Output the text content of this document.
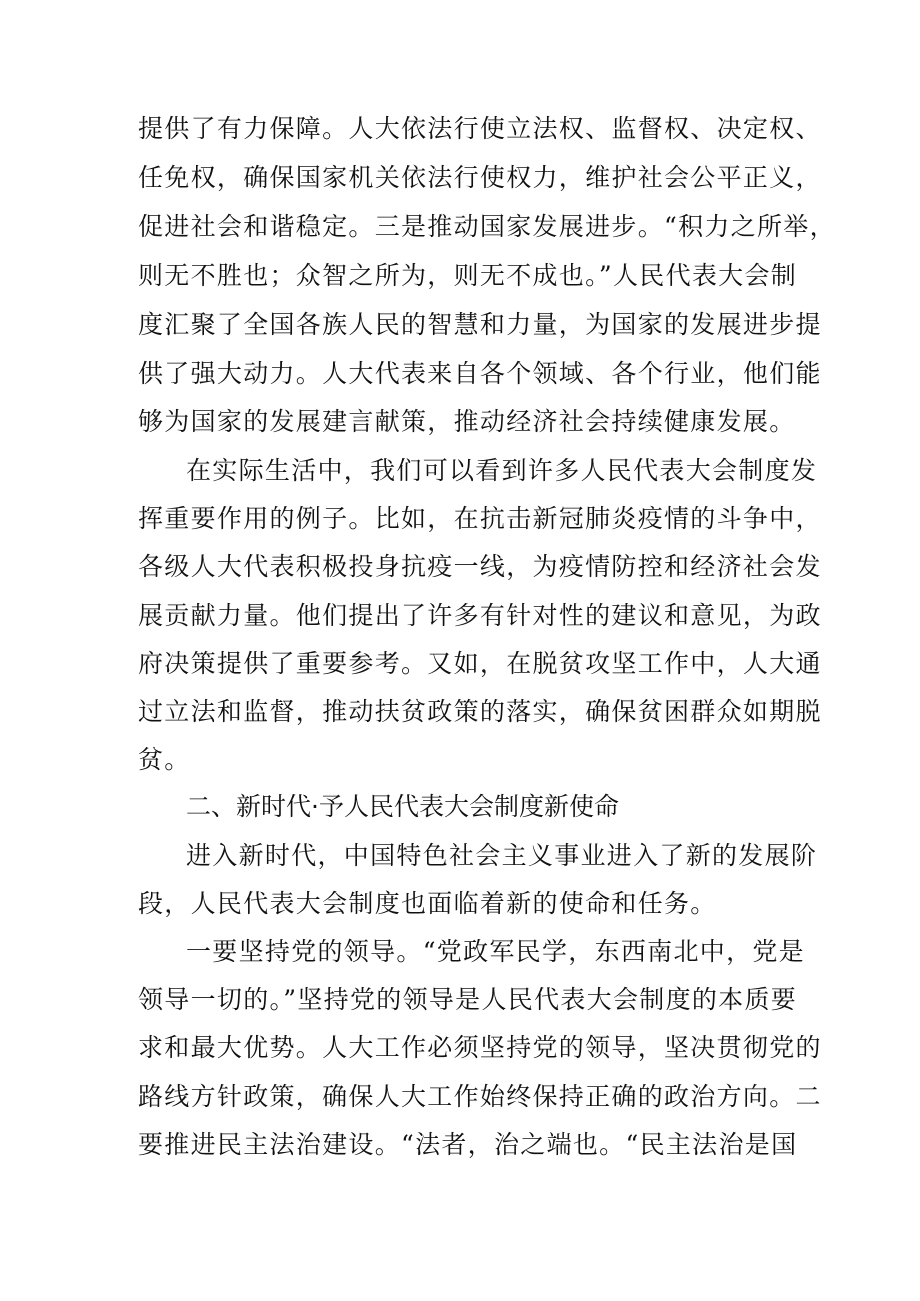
提供了有力保障。人大依法行使立法权、监督权、决定权、
任免权，确保国家机关依法行使权力，维护社会公平正义，
促进社会和谐稳定。三是推动国家发展进步。“积力之所举，
则无不胜也；众智之所为，则无不成也。”人民代表大会制
度汇聚了全国各族人民的智慧和力量，为国家的发展进步提
供了强大动力。人大代表来自各个领域、各个行业，他们能
够为国家的发展建言献策，推动经济社会持续健康发展。
在实际生活中，我们可以看到许多人民代表大会制度发
挥重要作用的例子。比如，在抗击新冠肺炎疫情的斗争中，
各级人大代表积极投身抗疫一线，为疫情防控和经济社会发
展贡献力量。他们提出了许多有针对性的建议和意见，为政
府决策提供了重要参考。又如，在脱贫攻坚工作中，人大通
过立法和监督，推动扶贫政策的落实，确保贫困群众如期脱
贫。
二、新时代·予人民代表大会制度新使命
进入新时代，中国特色社会主义事业进入了新的发展阶
段，人民代表大会制度也面临着新的使命和任务。
一要坚持党的领导。“党政军民学，东西南北中，党是
领导一切的。”坚持党的领导是人民代表大会制度的本质要
求和最大优势。人大工作必须坚持党的领导，坚决贯彻党的
路线方针政策，确保人大工作始终保持正确的政治方向。二
要推进民主法治建设。“法者，治之端也。“民主法治是国
